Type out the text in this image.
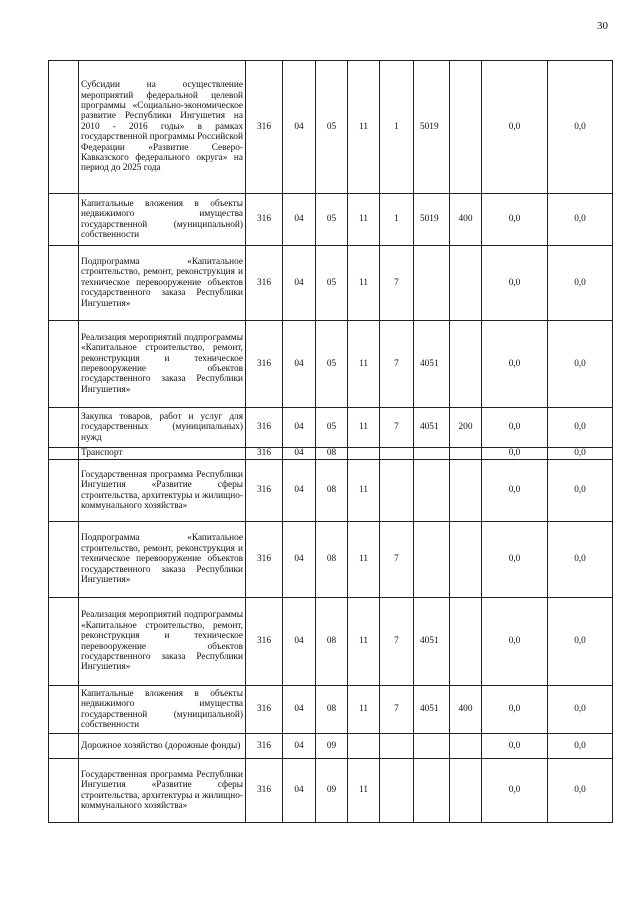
30
	Субсидии на осуществление мероприятий федеральной целевой программы «Социально-экономическое развитие Республики Ингушетия на 2010 - 2016 годы» в рамках государственной программы Российской Федерации «Развитие Северо-Кавказского федерального округа» на период до 2025 года	316	04	05	11	1	5019		0,0	0,0
	Капитальные вложения в объекты недвижимого имущества государственной (муниципальной) собственности	316	04	05	11	1	5019	400	0,0	0,0
	Подпрограмма «Капитальное строительство, ремонт, реконструкция и техническое перевооружение объектов государственного заказа Республики Ингушетия»	316	04	05	11	7			0,0	0,0
	Реализация мероприятий подпрограммы «Капитальное строительство, ремонт, реконструкция и техническое перевооружение объектов государственного заказа Республики Ингушетия»	316	04	05	11	7	4051		0,0	0,0
	Закупка товаров, работ и услуг для государственных (муниципальных) нужд	316	04	05	11	7	4051	200	0,0	0,0
	Транспорт	316	04	08					0,0	0,0
	Государственная программа Республики Ингушетия «Развитие сферы строительства, архитектуры и жилищно-коммунального хозяйства»	316	04	08	11				0,0	0,0
	Подпрограмма «Капитальное строительство, ремонт, реконструкция и техническое перевооружение объектов государственного заказа Республики Ингушетия»	316	04	08	11	7			0,0	0,0
	Реализация мероприятий подпрограммы «Капитальное строительство, ремонт, реконструкция и техническое перевооружение объектов государственного заказа Республики Ингушетия»	316	04	08	11	7	4051		0,0	0,0
	Капитальные вложения в объекты недвижимого имущества государственной (муниципальной) собственности	316	04	08	11	7	4051	400	0,0	0,0
	Дорожное хозяйство (дорожные фонды)	316	04	09					0,0	0,0
	Государственная программа Республики Ингушетия «Развитие сферы строительства, архитектуры и жилищно-коммунального хозяйства»	316	04	09	11				0,0	0,0
